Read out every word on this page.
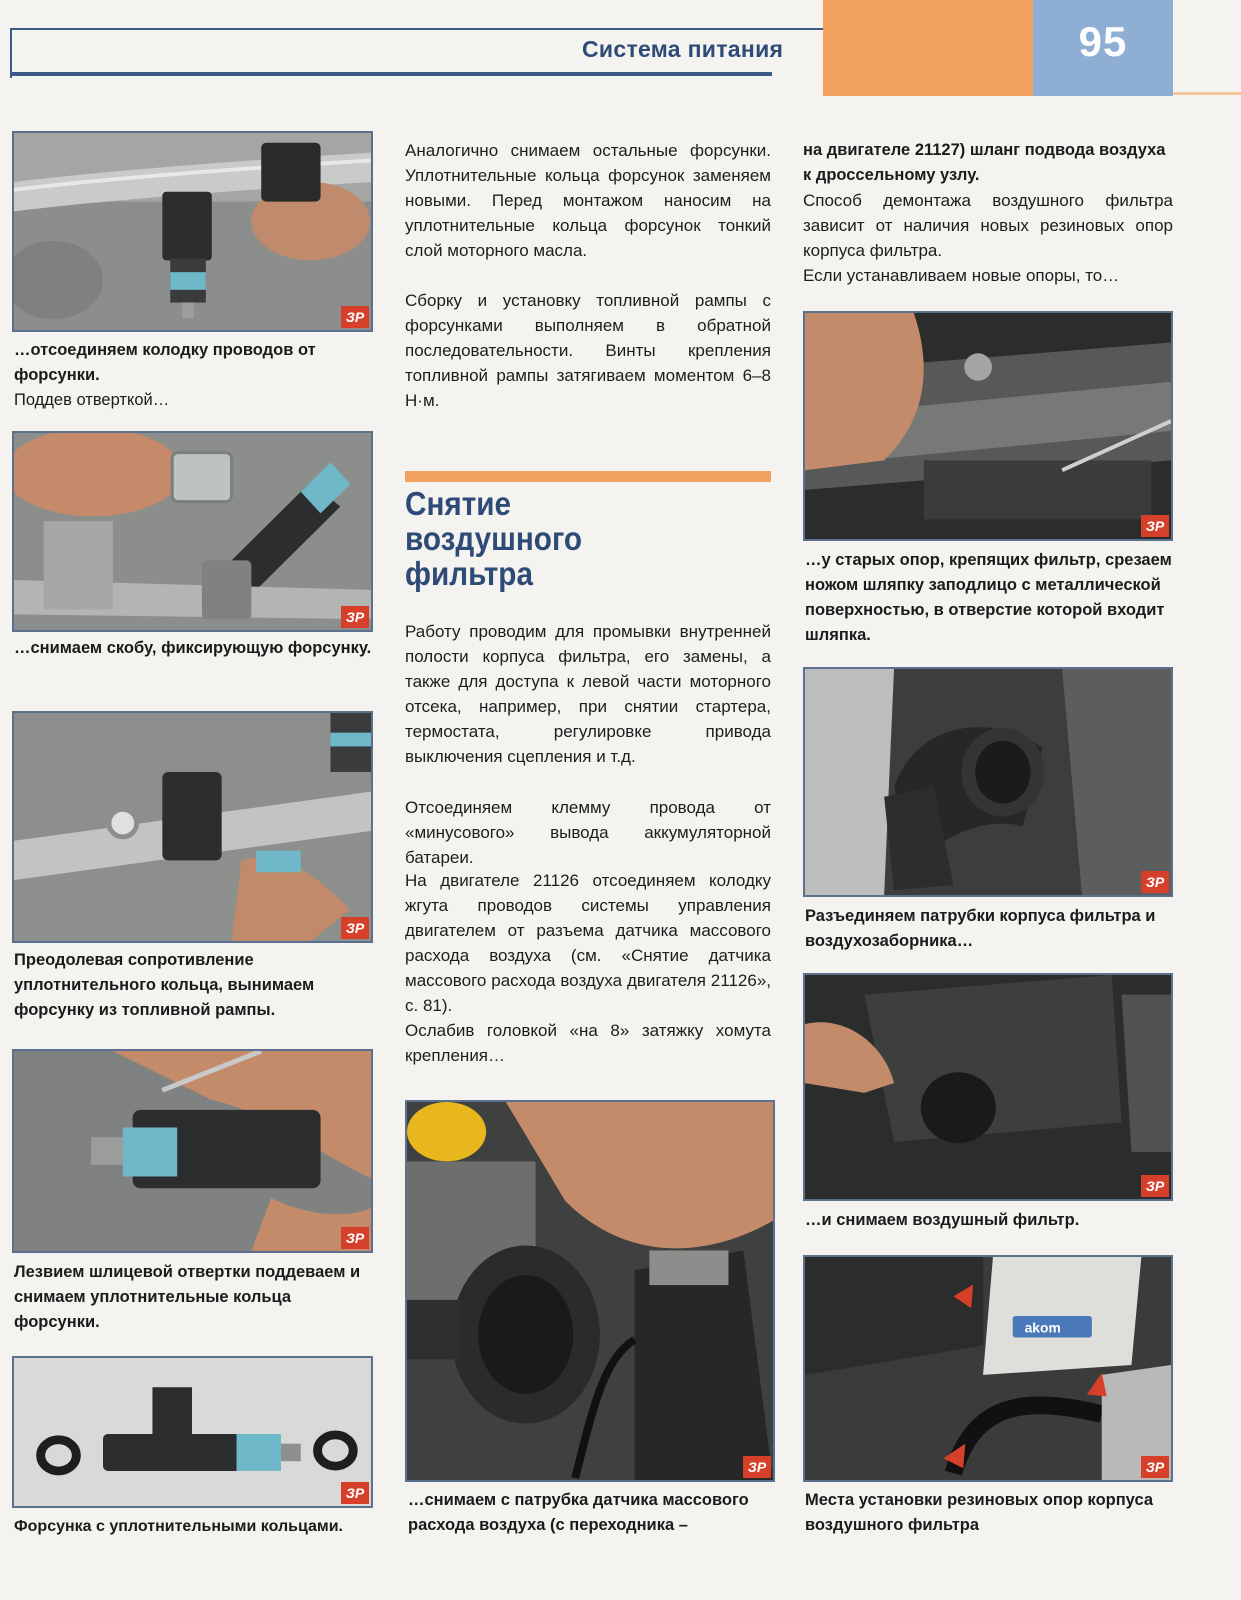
Система питания	95
ЗР
…отсоединяем колодку проводов от форсунки.
Поддев отверткой…
ЗР
…снимаем скобу, фиксирующую форсунку.
ЗР
Преодолевая сопротивление уплотнительного кольца, вынимаем форсунку из топливной рампы.
ЗР
Лезвием шлицевой отвертки поддеваем и снимаем уплотнительные кольца форсунки.
ЗР
Форсунка с уплотнительными кольцами.
Аналогично снимаем остальные форсунки. Уплотнительные кольца форсунок заменяем новыми. Перед монтажом наносим на уплотнительные кольца форсунок тонкий слой моторного масла.
Сборку и установку топливной рампы с форсунками выполняем в обратной последовательности. Винты крепления топливной рампы затягиваем моментом 6–8 Н·м.
Снятие воздушного фильтра
Работу проводим для промывки внутренней полости корпуса фильтра, его замены, а также для доступа к левой части моторного отсека, например, при снятии стартера, термостата, регулировке привода выключения сцепления и т.д.
Отсоединяем клемму провода от «минусового» вывода аккумуляторной батареи.
На двигателе 21126 отсоединяем колодку жгута проводов системы управления двигателем от разъема датчика массового расхода воздуха (см. «Снятие датчика массового расхода воздуха двигателя 21126», с. 81).
Ослабив головкой «на 8» затяжку хомута крепления…
ЗР
…снимаем с патрубка датчика массового расхода воздуха (с переходника –
на двигателе 21127) шланг подвода воздуха к дроссельному узлу.
Способ демонтажа воздушного фильтра зависит от наличия новых резиновых опор корпуса фильтра.
Если устанавливаем новые опоры, то…
ЗР
…у старых опор, крепящих фильтр, срезаем ножом шляпку заподлицо с металлической поверхностью, в отверстие которой входит шляпка.
ЗР
Разъединяем патрубки корпуса фильтра и воздухозаборника…
ЗР
…и снимаем воздушный фильтр.
akom
ЗР
Места установки резиновых опор корпуса воздушного фильтра
